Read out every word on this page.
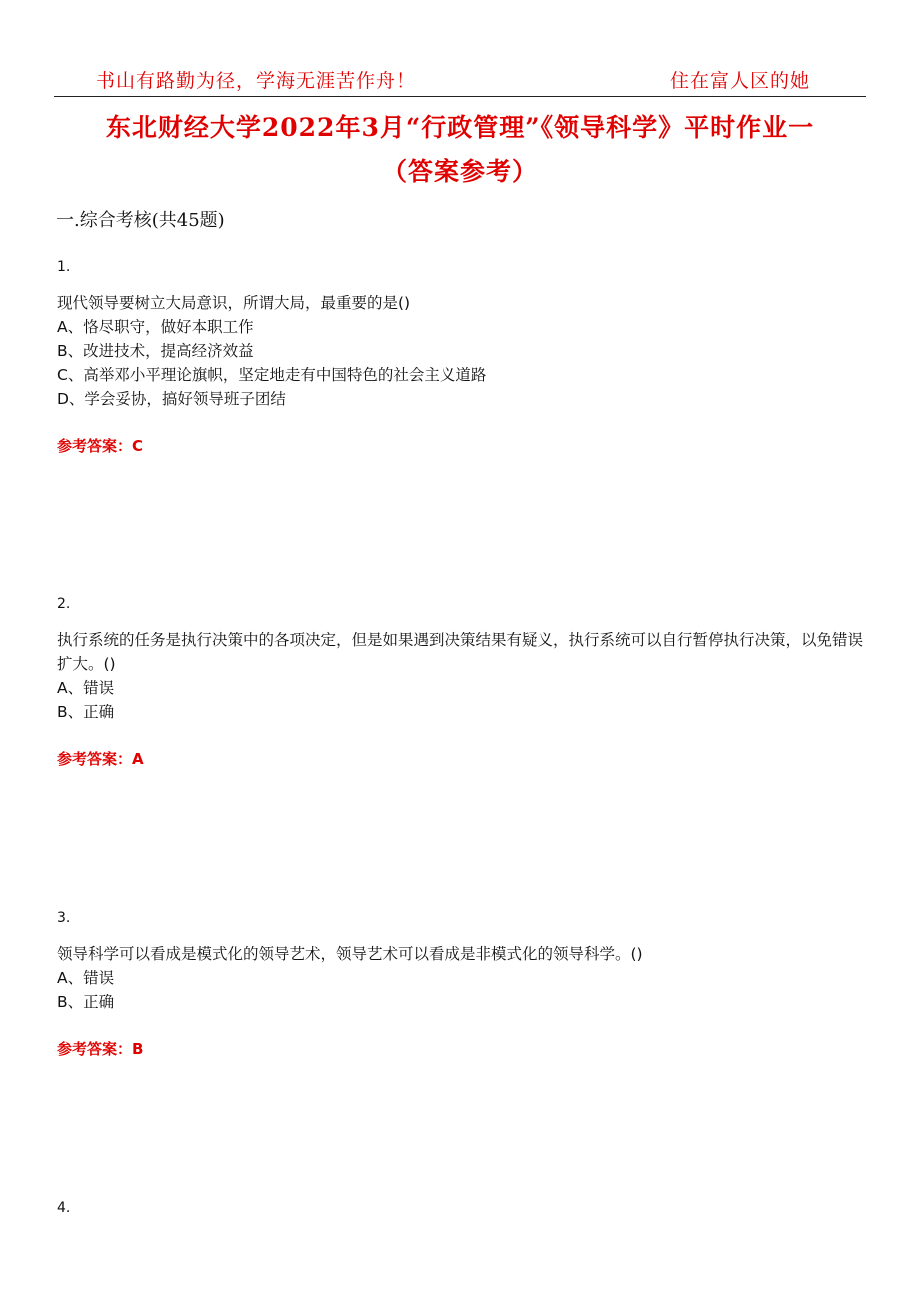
书山有路勤为径，学海无涯苦作舟！	住在富人区的她
东北财经大学2022年3月“行政管理”《领导科学》平时作业一
（答案参考）
一.综合考核(共45题)
1.
现代领导要树立大局意识，所谓大局，最重要的是()
A、恪尽职守，做好本职工作
B、改进技术，提高经济效益
C、高举邓小平理论旗帜，坚定地走有中国特色的社会主义道路
D、学会妥协，搞好领导班子团结
参考答案：C
2.
执行系统的任务是执行决策中的各项决定，但是如果遇到决策结果有疑义，执行系统可以自行暂停执行决策，以免错误扩大。()
A、错误
B、正确
参考答案：A
3.
领导科学可以看成是模式化的领导艺术，领导艺术可以看成是非模式化的领导科学。()
A、错误
B、正确
参考答案：B
4.
